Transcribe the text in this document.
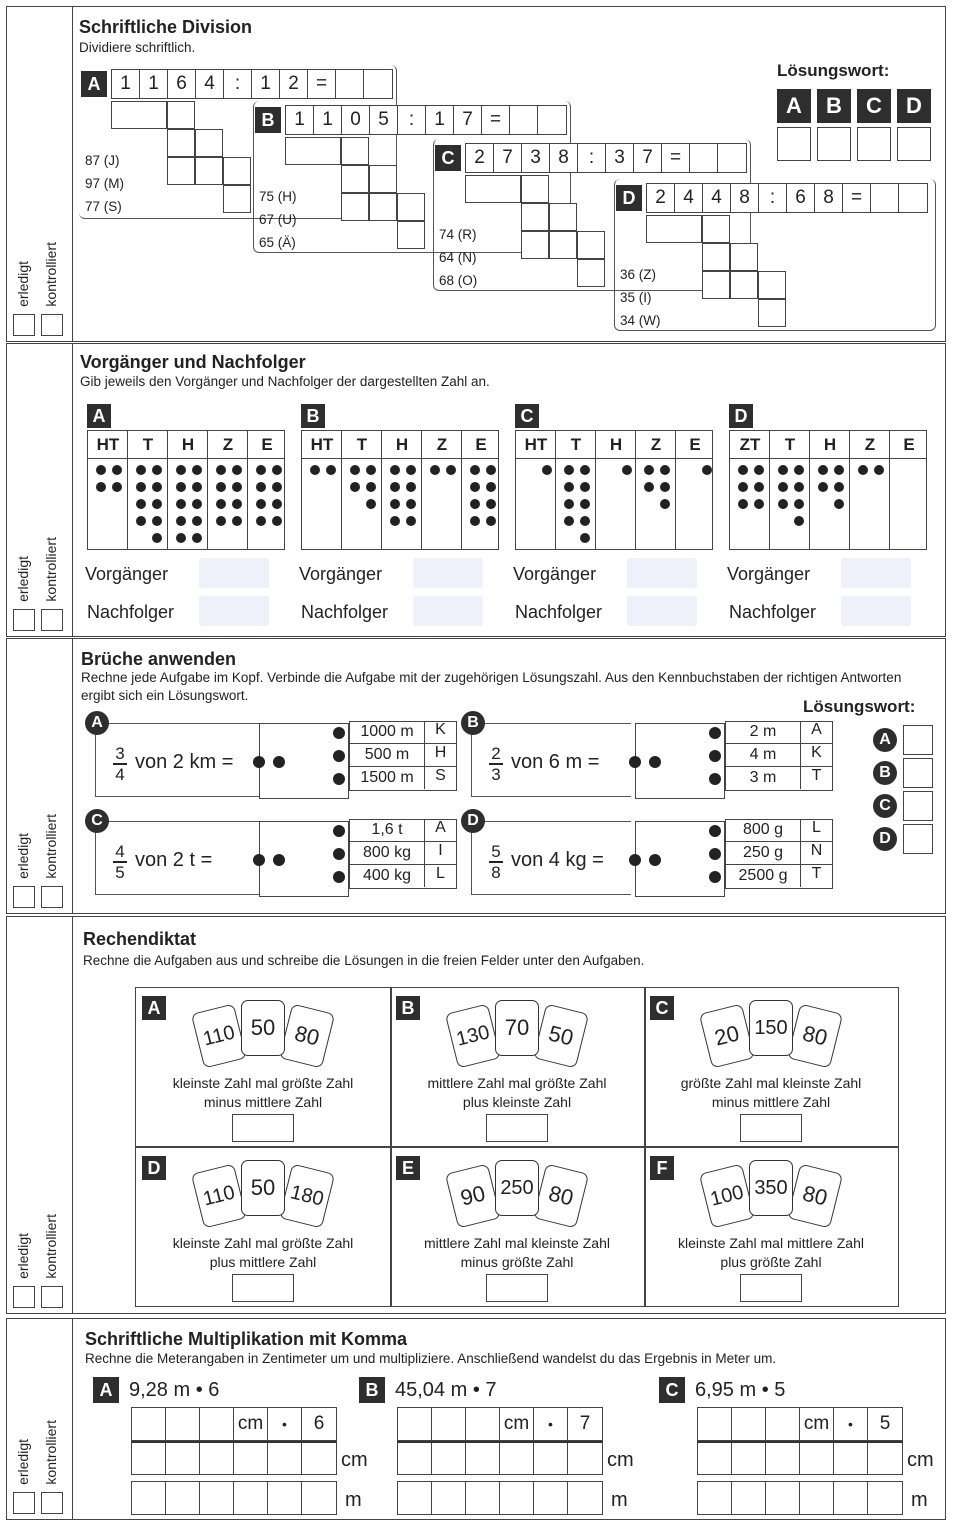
erledigt kontrolliert
Schriftliche Division
Dividiere schriftlich.
Lösungswort:
A	B	C	D
A	1 1 6 4	:	1 2 =
87 (J)
97 (M)
77 (S)
B	1 1 0 5	:	1 7 =
75 (H)
67 (U)
65 (Ä)
C	2 7 3 8	:	3 7 =
74 (R)
64 (N)
68 (O)
D	2 4 4 8	:	6 8 =
36 (Z)
35 (I)
34 (W)
erledigt kontrolliert
Vorgänger und Nachfolger
Gib jeweils den Vorgänger und Nachfolger der dargestellten Zahl an.
A
HT	T	H	Z	E
Vorgänger
Nachfolger
B
HT	T	H	Z	E
Vorgänger
Nachfolger
C
HT	T	H	Z	E
Vorgänger
Nachfolger
D
ZT	T	H	Z	E
Vorgänger
Nachfolger
erledigt kontrolliert
Brüche anwenden
Rechne jede Aufgabe im Kopf. Verbinde die Aufgabe mit der zugehörigen Lösungszahl. Aus den Kennbuchstaben der richtigen Antworten ergibt sich ein Lösungswort.
Lösungswort:
A
B
C
D
A
3
4
von 2 km =
1000 m	K
500 m	H
1500 m	S
B
2
3
von 6 m =
2 m	A
4 m	K
3 m	T
C
4
5
von 2 t =
1,6 t	A
800 kg	I
400 kg	L
D
5
8
von 4 kg =
800 g	L
250 g	N
2500 g	T
erledigt kontrolliert
Rechendiktat
Rechne die Aufgaben aus und schreibe die Lösungen in die freien Felder unter den Aufgaben.
A
110 50 80
kleinste Zahl mal größte Zahl
minus mittlere Zahl
B
130 70 50
mittlere Zahl mal größte Zahl
plus kleinste Zahl
C
20 150 80
größte Zahl mal kleinste Zahl
minus mittlere Zahl
D
110 50 180
kleinste Zahl mal größte Zahl
plus mittlere Zahl
E
90 250 80
mittlere Zahl mal kleinste Zahl
minus größte Zahl
F
100 350 80
kleinste Zahl mal mittlere Zahl
plus größte Zahl
erledigt kontrolliert
Schriftliche Multiplikation mit Komma
Rechne die Meterangaben in Zentimeter um und multipliziere. Anschließend wandelst du das Ergebnis in Meter um.
A 9,28 m • 6
cm	•	6
cm
m
B 45,04 m • 7
cm	•	7
cm
m
C 6,95 m • 5
cm	•	5
cm
m
